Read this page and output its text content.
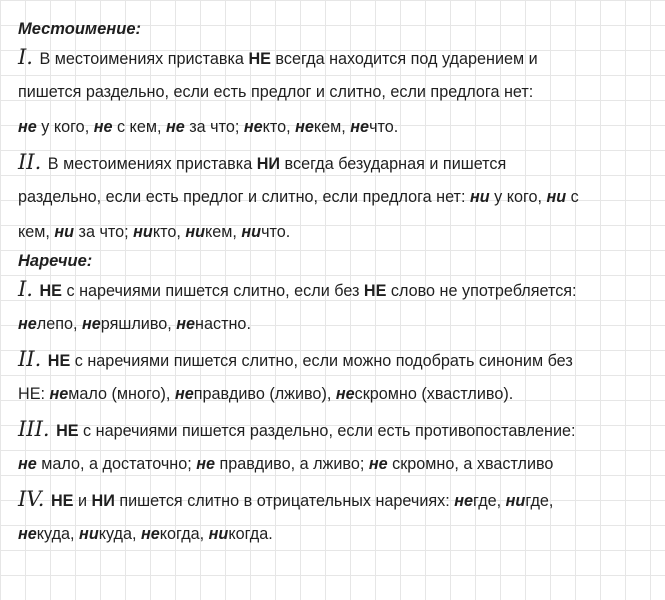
Местоимение:
I. В местоимениях приставка НЕ всегда находится под ударением и
пишется раздельно, если есть предлог и слитно, если предлога нет:
не у кого, не с кем, не за что; некто, некем, нечто.
II. В местоимениях приставка НИ всегда безударная и пишется
раздельно, если есть предлог и слитно, если предлога нет: ни у кого, ни с
кем, ни за что; никто, никем, ничто.
Наречие:
I. НЕ с наречиями пишется слитно, если без НЕ слово не употребляется:
нелепо, неряшливо, ненастно.
II. НЕ с наречиями пишется слитно, если можно подобрать синоним без
НЕ: немало (много), неправдиво (лживо), нескромно (хвастливо).
III. НЕ с наречиями пишется раздельно, если есть противопоставление:
не мало, а достаточно; не правдиво, а лживо; не скромно, а хвастливо
IV. НЕ и НИ пишется слитно в отрицательных наречиях: негде, нигде,
некуда, никуда, некогда, никогда.
